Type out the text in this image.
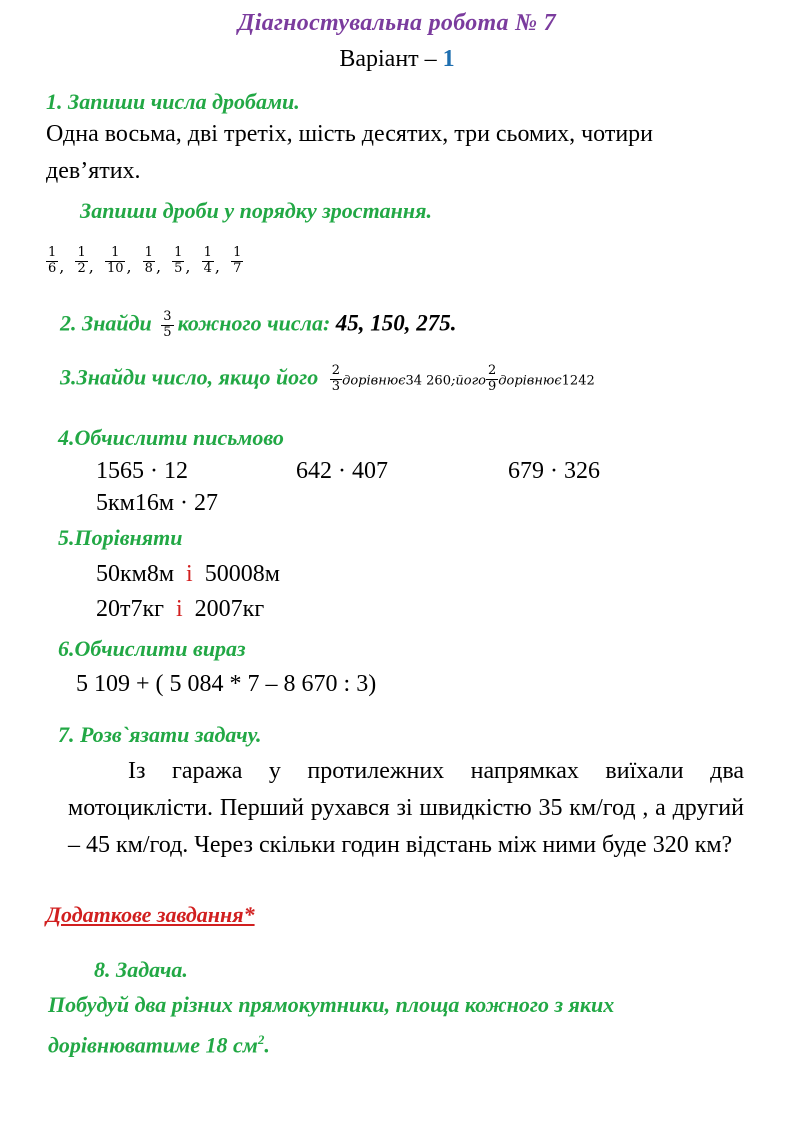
Діагностувальна робота № 7
Варіант – 1
1. Запиши числа дробами.
Одна восьма, дві третіх, шість десятих, три сьомих, чотири
дев’ятих.
Запиши дроби у порядку зростання.
$\frac{1}{6}$ , $\frac{1}{2}$ , $\frac{1}{10}$ , $\frac{1}{8}$ , $\frac{1}{5}$ , $\frac{1}{4}$ , $\frac{1}{7}$
2. Знайди $\frac{3}{5}$ кожного числа: 45, 150, 275.
3.Знайди число, якщо його $\frac{2}{3}$ дорівнює34 260;його $\frac{2}{9}$ дорівнює1242
4.Обчислити письмово
1565 · 12	642 · 407	679 · 326
5км16м · 27
5.Порівняти
50км8м і 50008м
20т7кг і 2007кг
6.Обчислити вираз
5 109 + ( 5 084 * 7 – 8 670 : 3)
7. Розв`язати задачу.
Із гаража у протилежних напрямках виїхали два мотоциклісти. Перший рухався зі швидкістю 35 км/год , а другий – 45 км/год. Через скільки годин відстань між ними буде 320 км?
Додаткове завдання*
8. Задача.
Побудуй два різних прямокутники, площа кожного з яких дорівнюватиме 18 $см^2$.
